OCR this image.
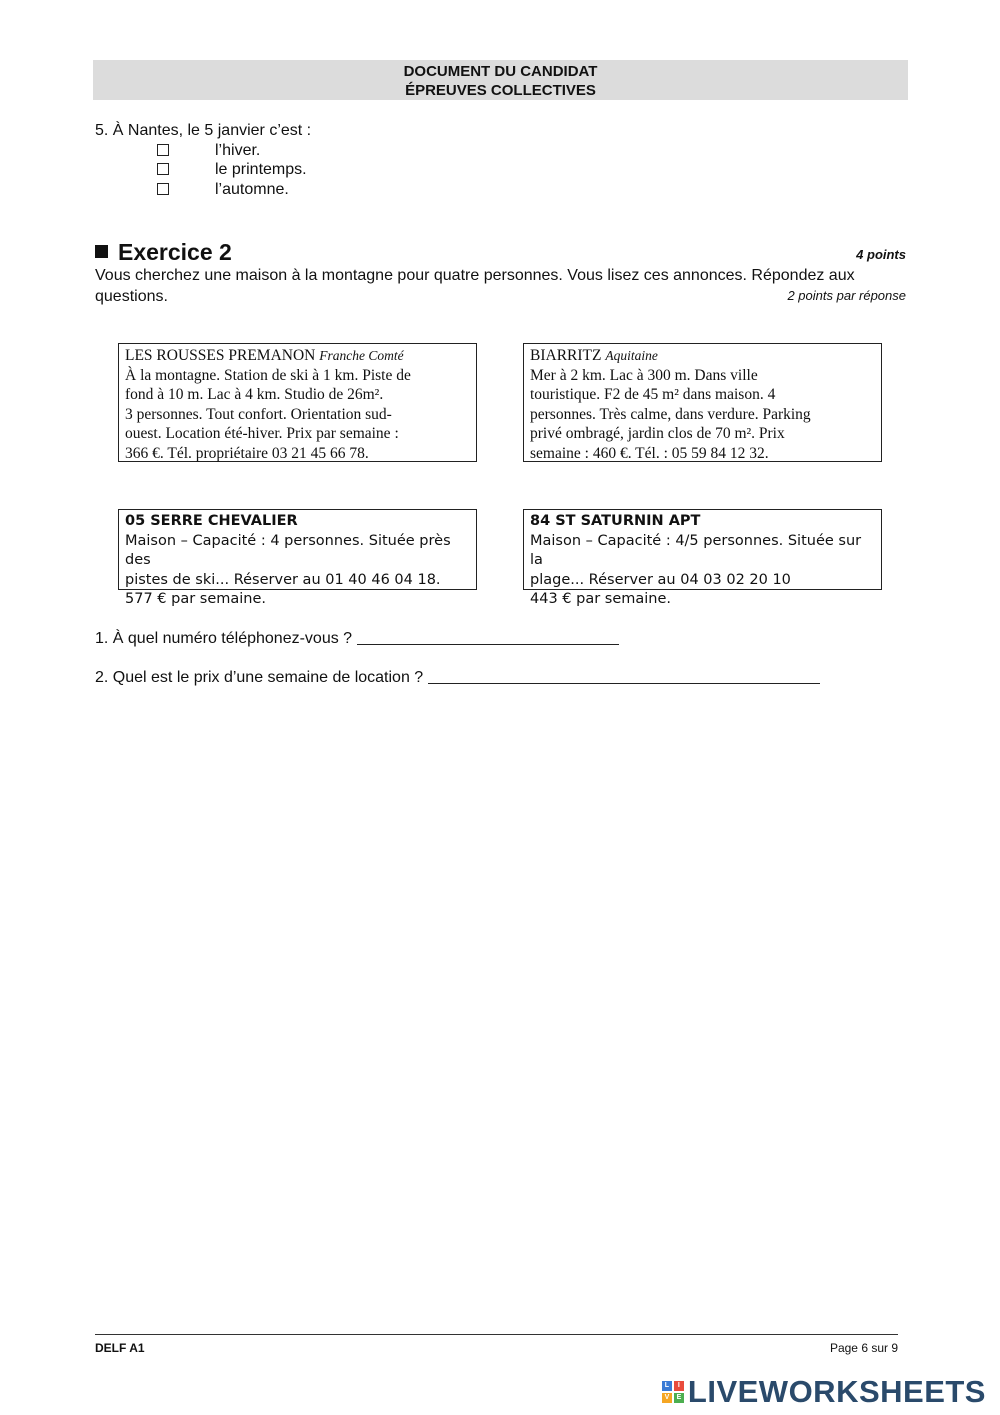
DOCUMENT DU CANDIDAT
ÉPREUVES COLLECTIVES
5. À Nantes, le 5 janvier c’est :
l’hiver.
le printemps.
l’automne.
Exercice 2	4 points
Vous cherchez une maison à la montagne pour quatre personnes. Vous lisez ces annonces. Répondez aux questions.	2 points par réponse
LES ROUSSES PREMANON Franche Comté
À la montagne. Station de ski à 1 km. Piste de
fond à 10 m. Lac à 4 km. Studio de 26m².
3 personnes. Tout confort. Orientation sud-
ouest. Location été-hiver. Prix par semaine :
366 €. Tél. propriétaire 03 21 45 66 78.
BIARRITZ Aquitaine
Mer à 2 km. Lac à 300 m. Dans ville
touristique. F2 de 45 m² dans maison. 4
personnes. Très calme, dans verdure. Parking
privé ombragé, jardin clos de 70 m². Prix
semaine : 460 €. Tél. : 05 59 84 12 32.
05 SERRE CHEVALIER
Maison – Capacité : 4 personnes. Située près des
pistes de ski... Réserver au 01 40 46 04 18.
577 € par semaine.
84 ST SATURNIN APT
Maison – Capacité : 4/5 personnes. Située sur la
plage... Réserver au 04 03 02 20 10
443 € par semaine.
1. À quel numéro téléphonez-vous ?
2. Quel est le prix d’une semaine de location ?
DELF A1	Page 6 sur 9
L	I
V	E LIVEWORKSHEETS
